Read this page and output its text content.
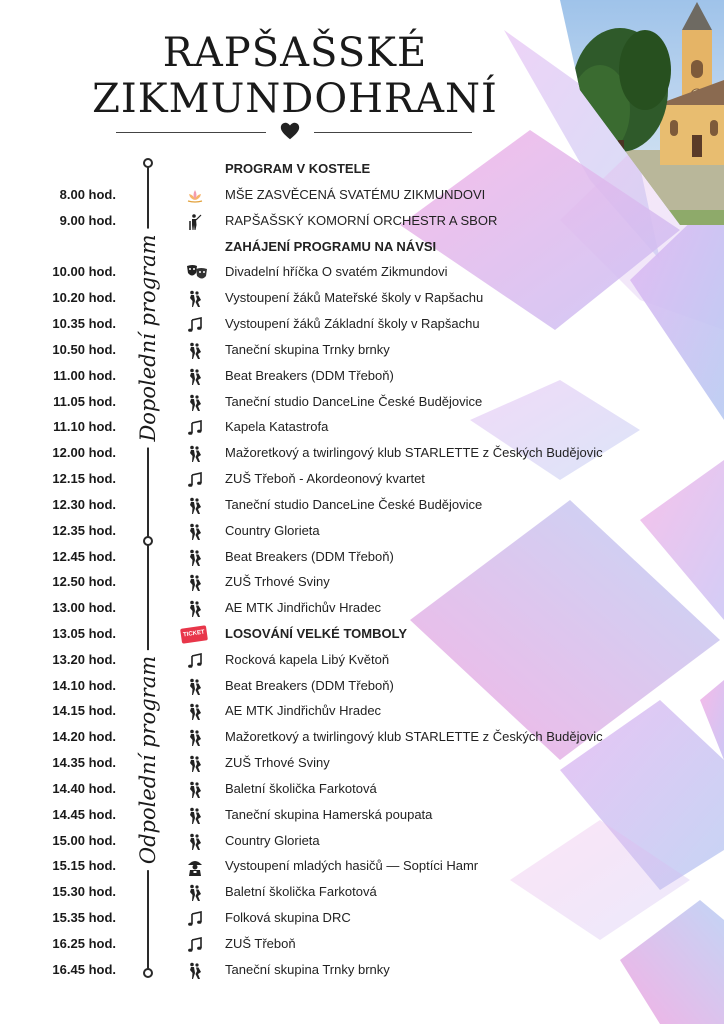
RAPŠAŠSKÉ
ZIKMUNDOHRANÍ
Dopolední program
Odpolední program
PROGRAM V KOSTELE
8.00 hod.	MŠE ZASVĚCENÁ SVATÉMU ZIKMUNDOVI
9.00 hod.	RAPŠAŠSKÝ KOMORNÍ ORCHESTR A SBOR
ZAHÁJENÍ PROGRAMU NA NÁVSI
10.00 hod.	Divadelní hříčka O svatém Zikmundovi
10.20 hod.	Vystoupení žáků Mateřské školy v Rapšachu
10.35 hod.	Vystoupení žáků Základní školy v Rapšachu
10.50 hod.	Taneční skupina Trnky brnky
11.00 hod.	Beat Breakers (DDM Třeboň)
11.05 hod.	Taneční studio DanceLine České Budějovice
11.10 hod.	Kapela Katastrofa
12.00 hod.	Mažoretkový a twirlingový klub STARLETTE z Českých Budějovic
12.15 hod.	ZUŠ Třeboň - Akordeonový kvartet
12.30 hod.	Taneční studio DanceLine České Budějovice
12.35 hod.	Country Glorieta
12.45 hod.	Beat Breakers (DDM Třeboň)
12.50 hod.	ZUŠ Trhové Sviny
13.00 hod.	AE MTK Jindřichův Hradec
13.05 hod.	TICKET LOSOVÁNÍ VELKÉ TOMBOLY
13.20 hod.	Rocková kapela Libý Květoň
14.10 hod.	Beat Breakers (DDM Třeboň)
14.15 hod.	AE MTK Jindřichův Hradec
14.20 hod.	Mažoretkový a twirlingový klub STARLETTE z Českých Budějovic
14.35 hod.	ZUŠ Trhové Sviny
14.40 hod.	Baletní školička Farkotová
14.45 hod.	Taneční skupina Hamerská poupata
15.00 hod.	Country Glorieta
15.15 hod.	Vystoupení mladých hasičů — Soptíci Hamr
15.30 hod.	Baletní školička Farkotová
15.35 hod.	Folková skupina DRC
16.25 hod.	ZUŠ Třeboň
16.45 hod.	Taneční skupina Trnky brnky
